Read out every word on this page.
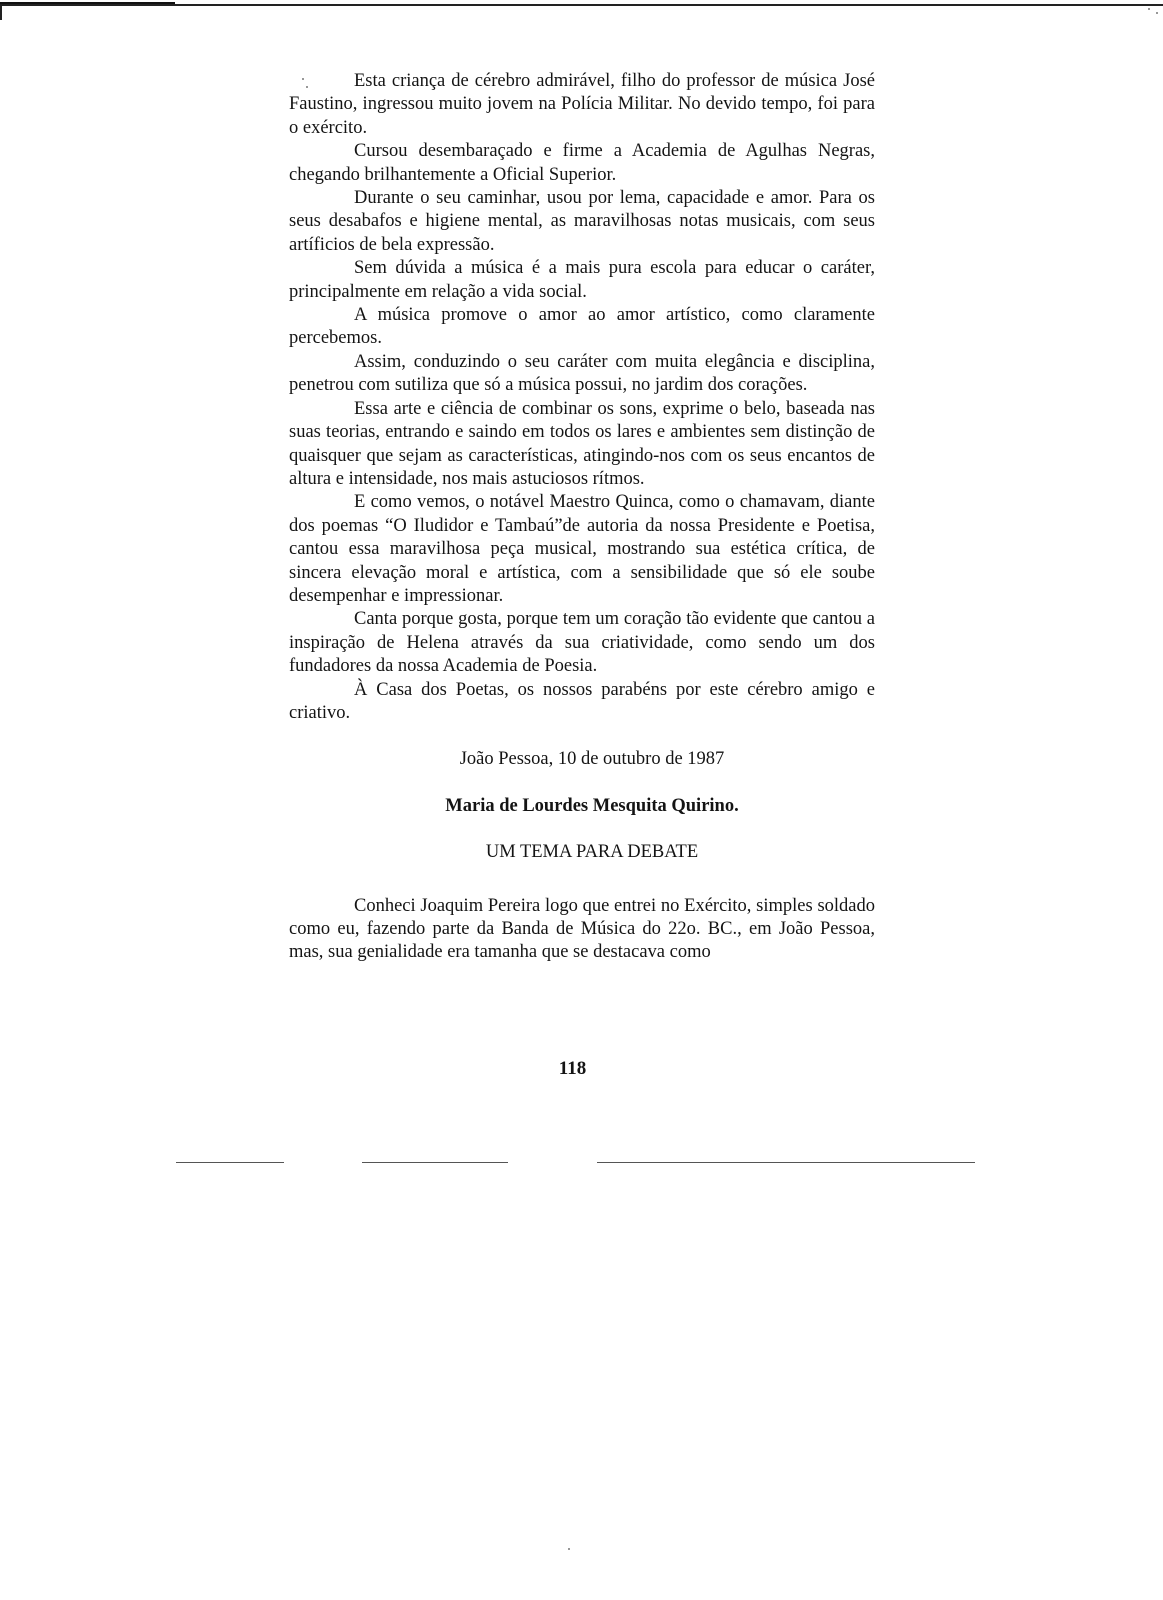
Esta criança de cérebro admirável, filho do professor de música José Faustino, ingressou muito jovem na Polícia Militar. No devido tempo, foi para o exército.

Cursou desembaraçado e firme a Academia de Agulhas Negras, chegando brilhantemente a Oficial Superior.

Durante o seu caminhar, usou por lema, capacidade e amor. Para os seus desabafos e higiene mental, as maravilhosas notas musicais, com seus artíficios de bela expressão.

Sem dúvida a música é a mais pura escola para educar o caráter, principalmente em relação a vida social.

A música promove o amor ao amor artístico, como claramente percebemos.

Assim, conduzindo o seu caráter com muita elegância e disciplina, penetrou com sutiliza que só a música possui, no jardim dos corações.

Essa arte e ciência de combinar os sons, exprime o belo, baseada nas suas teorias, entrando e saindo em todos os lares e ambientes sem distinção de quaisquer que sejam as características, atingindo-nos com os seus encantos de altura e intensidade, nos mais astuciosos rítmos.

E como vemos, o notável Maestro Quinca, como o chamavam, diante dos poemas “O Iludidor e Tambaú”de autoria da nossa Presidente e Poetisa, cantou essa maravilhosa peça musical, mostrando sua estética crítica, de sincera elevação moral e artística, com a sensibilidade que só ele soube desempenhar e impressionar.

Canta porque gosta, porque tem um coração tão evidente que cantou a inspiração de Helena através da sua criatividade, como sendo um dos fundadores da nossa Academia de Poesia.

À Casa dos Poetas, os nossos parabéns por este cérebro amigo e criativo.

João Pessoa, 10 de outubro de 1987

Maria de Lourdes Mesquita Quirino.

UM TEMA PARA DEBATE

Conheci Joaquim Pereira logo que entrei no Exército, simples soldado como eu, fazendo parte da Banda de Música do 22o. BC., em João Pessoa, mas, sua genialidade era tamanha que se destacava como

118
